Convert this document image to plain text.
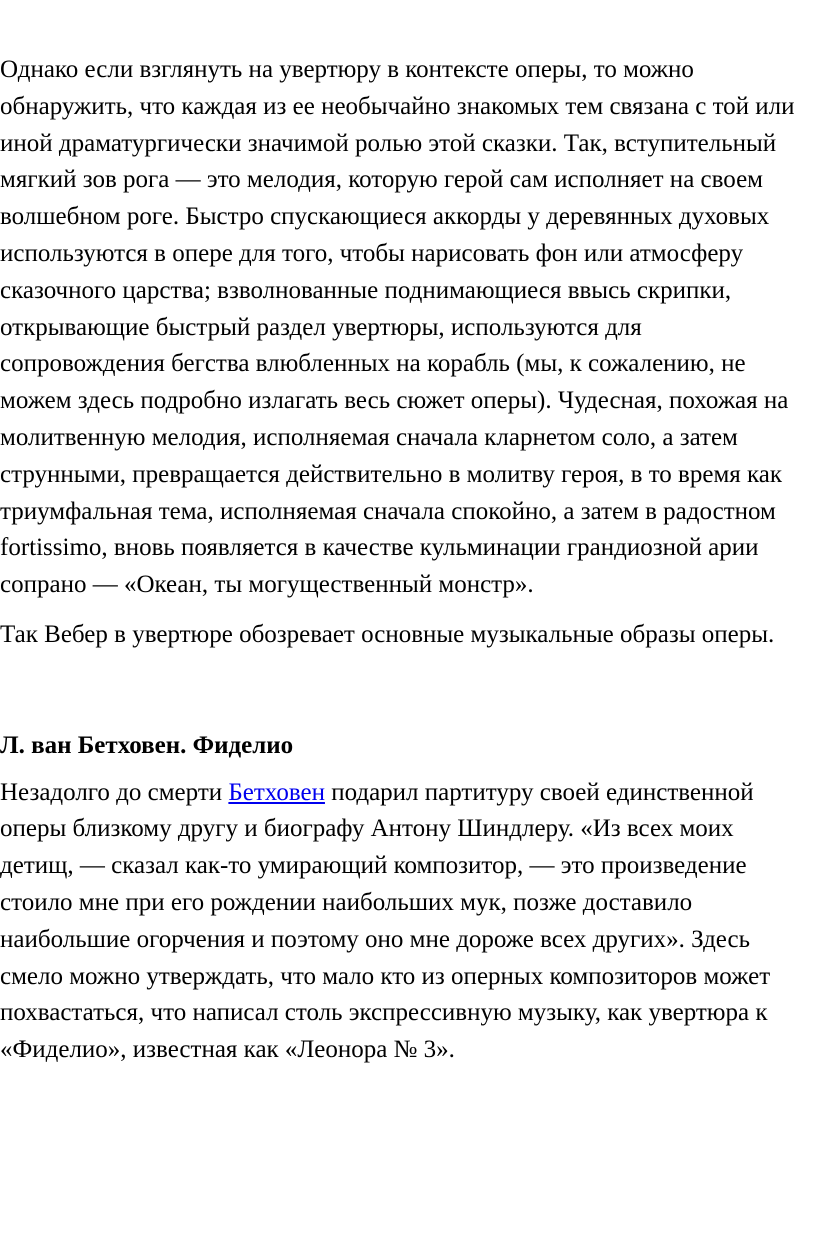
Однако если взглянуть на увертюру в контексте оперы, то можно обнаружить, что каждая из ее необычайно знакомых тем связана с той или иной драматургически значимой ролью этой сказки. Так, вступительный мягкий зов рога — это мелодия, которую герой сам исполняет на своем волшебном роге. Быстро спускающиеся аккорды у деревянных духовых используются в опере для того, чтобы нарисовать фон или атмосферу сказочного царства; взволнованные поднимающиеся ввысь скрипки, открывающие быстрый раздел увертюры, используются для сопровождения бегства влюбленных на корабль (мы, к сожалению, не можем здесь подробно излагать весь сюжет оперы). Чудесная, похожая на молитвенную мелодия, исполняемая сначала кларнетом соло, а затем струнными, превращается действительно в молитву героя, в то время как триумфальная тема, исполняемая сначала спокойно, а затем в радостном fortissimo, вновь появляется в качестве кульминации грандиозной арии сопрано — «Океан, ты могущественный монстр».

Так Вебер в увертюре обозревает основные музыкальные образы оперы.

Л. ван Бетховен. Фиделио

Незадолго до смерти Бетховен подарил партитуру своей единственной оперы близкому другу и биографу Антону Шиндлеру. «Из всех моих детищ, — сказал как-то умирающий композитор, — это произведение стоило мне при его рождении наибольших мук, позже доставило наибольшие огорчения и поэтому оно мне дороже всех других». Здесь смело можно утверждать, что мало кто из оперных композиторов может похвастаться, что написал столь экспрессивную музыку, как увертюра к «Фиделио», известная как «Леонора № 3».
